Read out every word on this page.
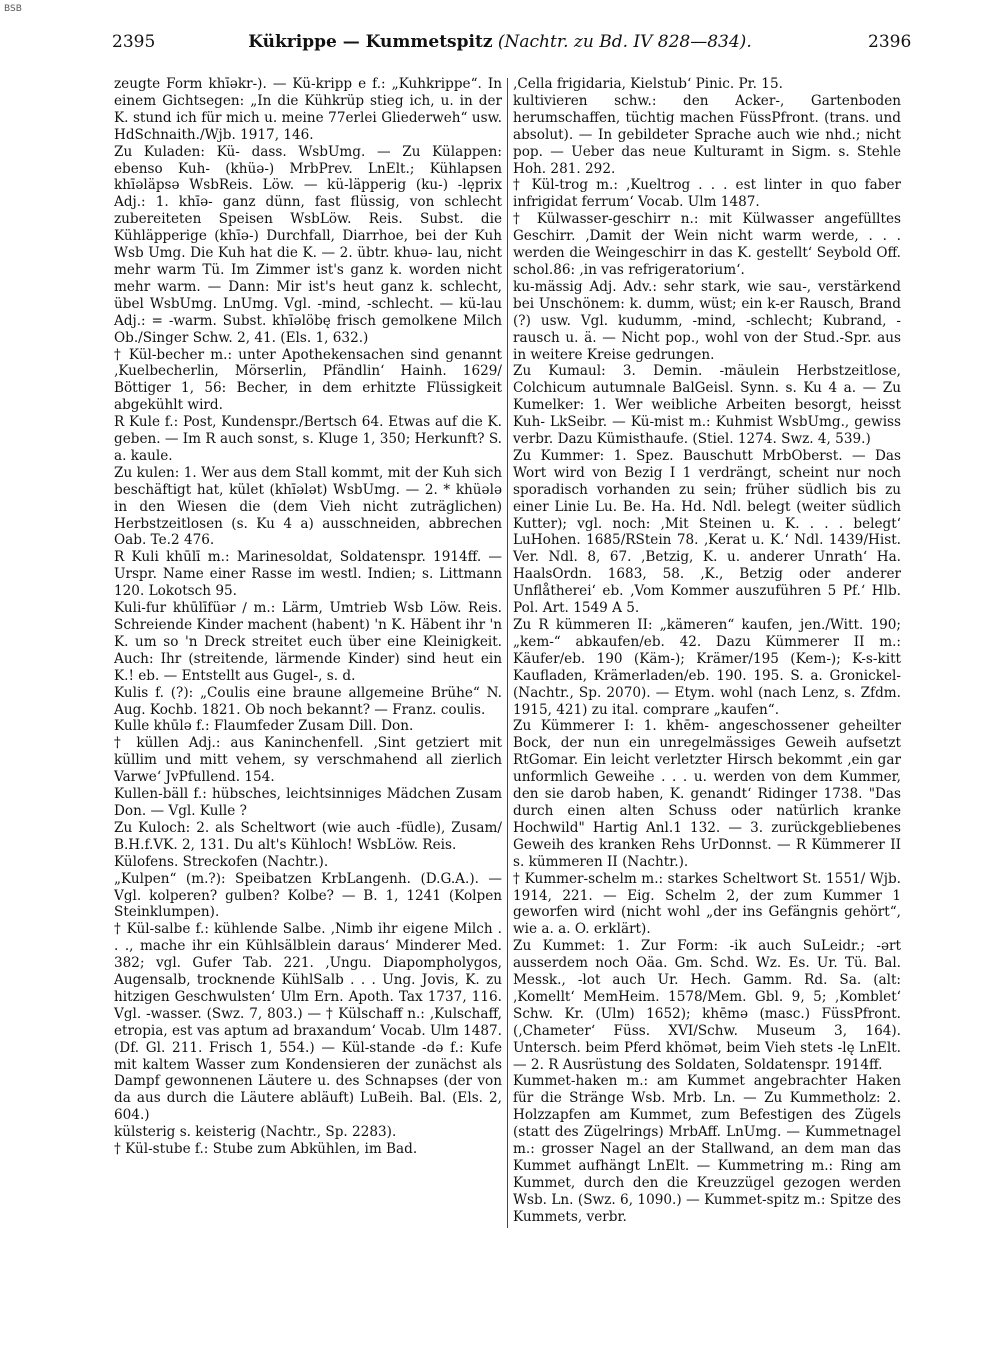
BSB
2395	Kükrippe — Kummetspitz (Nachtr. zu Bd. IV 828—834).	2396

zeugte Form khīəkr-). — Kü-kripp e f.: „Kuhkrippe“. In einem Gichtsegen: „In die Kühkrüp stieg ich, u. in der K. stund ich für mich u. meine 77erlei Gliederweh“ usw. HdSchnaith./Wjb. 1917, 146.

Zu Kuladen: Kü- dass. WsbUmg. — Zu Külappen: ebenso Kuh- (khüə-) MrbPrev. LnElt.; Kühlapsen khīəläpsə WsbReis. Löw. — kü-läpperig (ku-) -lęprix Adj.: 1. khīə- ganz dünn, fast flüssig, von schlecht zubereiteten Speisen WsbLöw. Reis. Subst. die Kühläpperige (khīə-) Durchfall, Diarrhoe, bei der Kuh Wsb Umg. Die Kuh hat die K. — 2. übtr. khuə- lau, nicht mehr warm Tü. Im Zimmer ist's ganz k. worden nicht mehr warm. — Dann: Mir ist's heut ganz k. schlecht, übel WsbUmg. LnUmg. Vgl. -mind, -schlecht. — kü-lau Adj.: = -warm. Subst. khīəlöbę frisch gemolkene Milch Ob./Singer Schw. 2, 41. (Els. 1, 632.)

† Kül-becher m.: unter Apothekensachen sind genannt ‚Kuelbecherlin, Mörserlin, Pfändlin‘ Hainh. 1629/ Böttiger 1, 56: Becher, in dem erhitzte Flüssigkeit abgekühlt wird.

R Kule f.: Post, Kundenspr./Bertsch 64. Etwas auf die K. geben. — Im R auch sonst, s. Kluge 1, 350; Herkunft? S. a. kaule.

Zu kulen: 1. Wer aus dem Stall kommt, mit der Kuh sich beschäftigt hat, kület (khīələt) WsbUmg. — 2. * khüələ in den Wiesen die (dem Vieh nicht zuträglichen) Herbstzeitlosen (s. Ku 4 a) ausschneiden, abbrechen Oab. Te.2 476.

R Kuli khūlī m.: Marinesoldat, Soldatenspr. 1914ff. — Urspr. Name einer Rasse im westl. Indien; s. Littmann 120. Lokotsch 95.

Kuli-fur khūlīfüər ∕ m.: Lärm, Umtrieb Wsb Löw. Reis. Schreiende Kinder machent (habent) 'n K. Häbent ihr 'n K. um so 'n Dreck streitet euch über eine Kleinigkeit. Auch: Ihr (streitende, lärmende Kinder) sind heut ein K.! eb. — Entstellt aus Gugel-, s. d.

Kulis f. (?): „Coulis eine braune allgemeine Brühe“ N. Aug. Kochb. 1821. Ob noch bekannt? — Franz. coulis.

Kulle khūlə f.: Flaumfeder Zusam Dill. Don.

† küllen Adj.: aus Kaninchenfell. ‚Sint getziert mit küllim und mitt vehem, sy verschmahend all zierlich Varwe‘ JvPfullend. 154.

Kullen-bäll f.: hübsches, leichtsinniges Mädchen Zusam Don. — Vgl. Kulle ?

Zu Kuloch: 2. als Scheltwort (wie auch -füdle), Zusam/ B.H.f.VK. 2, 131. Du alt's Kühloch! WsbLöw. Reis.

Külofens. Streckofen (Nachtr.).

„Kulpen“ (m.?): Speibatzen KrbLangenh. (D.G.A.). — Vgl. kolperen? gulben? Kolbe? — B. 1, 1241 (Kolpen Steinklumpen).

† Kül-salbe f.: kühlende Salbe. ‚Nimb ihr eigene Milch . . ., mache ihr ein Kühlsälblein daraus‘ Minderer Med. 382; vgl. Gufer Tab. 221. ‚Ungu. Diapompholygos, Augensalb, trocknende KühlSalb . . . Ung. Jovis, K. zu hitzigen Geschwulsten‘ Ulm Ern. Apoth. Tax 1737, 116. Vgl. -wasser. (Swz. 7, 803.) — † Külschaff n.: ‚Kulschaff, etropia, est vas aptum ad braxandum‘ Vocab. Ulm 1487. (Df. Gl. 211. Frisch 1, 554.) — Kül-stande -də f.: Kufe mit kaltem Wasser zum Kondensieren der zunächst als Dampf gewonnenen Läutere u. des Schnapses (der von da aus durch die Läutere abläuft) LuBeih. Bal. (Els. 2, 604.)

külsterig s. keisterig (Nachtr., Sp. 2283).

† Kül-stube f.: Stube zum Abkühlen, im Bad.

‚Cella frigidaria, Kielstub‘ Pinic. Pr. 15.

kultivieren schw.: den Acker-, Gartenboden herumschaffen, tüchtig machen FüssPfront. (trans. und absolut). — In gebildeter Sprache auch wie nhd.; nicht pop. — Ueber das neue Kulturamt in Sigm. s. Stehle Hoh. 281. 292.

† Kül-trog m.: ‚Kueltrog . . . est linter in quo faber infrigidat ferrum‘ Vocab. Ulm 1487.

† Külwasser-geschirr n.: mit Külwasser angefülltes Geschirr. ‚Damit der Wein nicht warm werde, . . . werden die Weingeschirr in das K. gestellt‘ Seybold Off. schol.86: ‚in vas refrigeratorium‘.

ku-mässig Adj. Adv.: sehr stark, wie sau-, verstärkend bei Unschönem: k. dumm, wüst; ein k-er Rausch, Brand (?) usw. Vgl. kudumm, -mind, -schlecht; Kubrand, -rausch u. ä. — Nicht pop., wohl von der Stud.-Spr. aus in weitere Kreise gedrungen.

Zu Kumaul: 3. Demin. -mäulein Herbstzeitlose, Colchicum autumnale BalGeisl. Synn. s. Ku 4 a. — Zu Kumelker: 1. Wer weibliche Arbeiten besorgt, heisst Kuh- LkSeibr. — Kü-mist m.: Kuhmist WsbUmg., gewiss verbr. Dazu Kümisthaufe. (Stiel. 1274. Swz. 4, 539.)

Zu Kummer: 1. Spez. Bauschutt MrbOberst. — Das Wort wird von Bezig I 1 verdrängt, scheint nur noch sporadisch vorhanden zu sein; früher südlich bis zu einer Linie Lu. Be. Ha. Hd. Ndl. belegt (weiter südlich Kutter); vgl. noch: ‚Mit Steinen u. K. . . . belegt‘ LuHohen. 1685/RStein 78. ‚Kerat u. K.‘ Ndl. 1439/Hist. Ver. Ndl. 8, 67. ‚Betzig, K. u. anderer Unrath‘ Ha. HaalsOrdn. 1683, 58. ‚K., Betzig oder anderer Unflåtherei‘ eb. ‚Vom Kommer auszuführen 5 Pf.‘ Hlb. Pol. Art. 1549 A 5.

Zu R kümmeren II: „kämeren“ kaufen, jen./Witt. 190; „kem-“ abkaufen/eb. 42. Dazu Kümmerer II m.: Käufer/eb. 190 (Käm-); Krämer/195 (Kem-); K-s-kitt Kaufladen, Krämerladen/eb. 190. 195. S. a. Gronickel- (Nachtr., Sp. 2070). — Etym. wohl (nach Lenz, s. Zfdm. 1915, 421) zu ital. comprare „kaufen“.

Zu Kümmerer I: 1. khēm- angeschossener geheilter Bock, der nun ein unregelmässiges Geweih aufsetzt RtGomar. Ein leicht verletzter Hirsch bekommt ‚ein gar unformlich Geweihe . . . u. werden von dem Kummer, den sie darob haben, K. genandt‘ Ridinger 1738. "Das durch einen alten Schuss oder natürlich kranke Hochwild" Hartig Anl.1 132. — 3. zurückgebliebenes Geweih des kranken Rehs UrDonnst. — R Kümmerer II s. kümmeren II (Nachtr.).

† Kummer-schelm m.: starkes Scheltwort St. 1551/ Wjb. 1914, 221. — Eig. Schelm 2, der zum Kummer 1 geworfen wird (nicht wohl „der ins Gefängnis gehört“, wie a. a. O. erklärt).

Zu Kummet: 1. Zur Form: -ik auch SuLeidr.; -ərt ausserdem noch Oäa. Gm. Schd. Wz. Es. Ur. Tü. Bal. Messk., -lot auch Ur. Hech. Gamm. Rd. Sa. (alt: ‚Komellt‘ MemHeim. 1578/Mem. Gbl. 9, 5; ‚Komblet‘ Schw. Kr. (Ulm) 1652); khēmə (masc.) FüssPfront. (‚Chameter‘ Füss. XVI/Schw. Museum 3, 164). Untersch. beim Pferd khömət, beim Vieh stets -lę LnElt. — 2. R Ausrüstung des Soldaten, Soldatenspr. 1914ff.

Kummet-haken m.: am Kummet angebrachter Haken für die Stränge Wsb. Mrb. Ln. — Zu Kummetholz: 2. Holzzapfen am Kummet, zum Befestigen des Zügels (statt des Zügelrings) MrbAff. LnUmg. — Kummetnagel m.: grosser Nagel an der Stallwand, an dem man das Kummet aufhängt LnElt. — Kummetring m.: Ring am Kummet, durch den die Kreuzzügel gezogen werden Wsb. Ln. (Swz. 6, 1090.) — Kummet-spitz m.: Spitze des Kummets, verbr.
